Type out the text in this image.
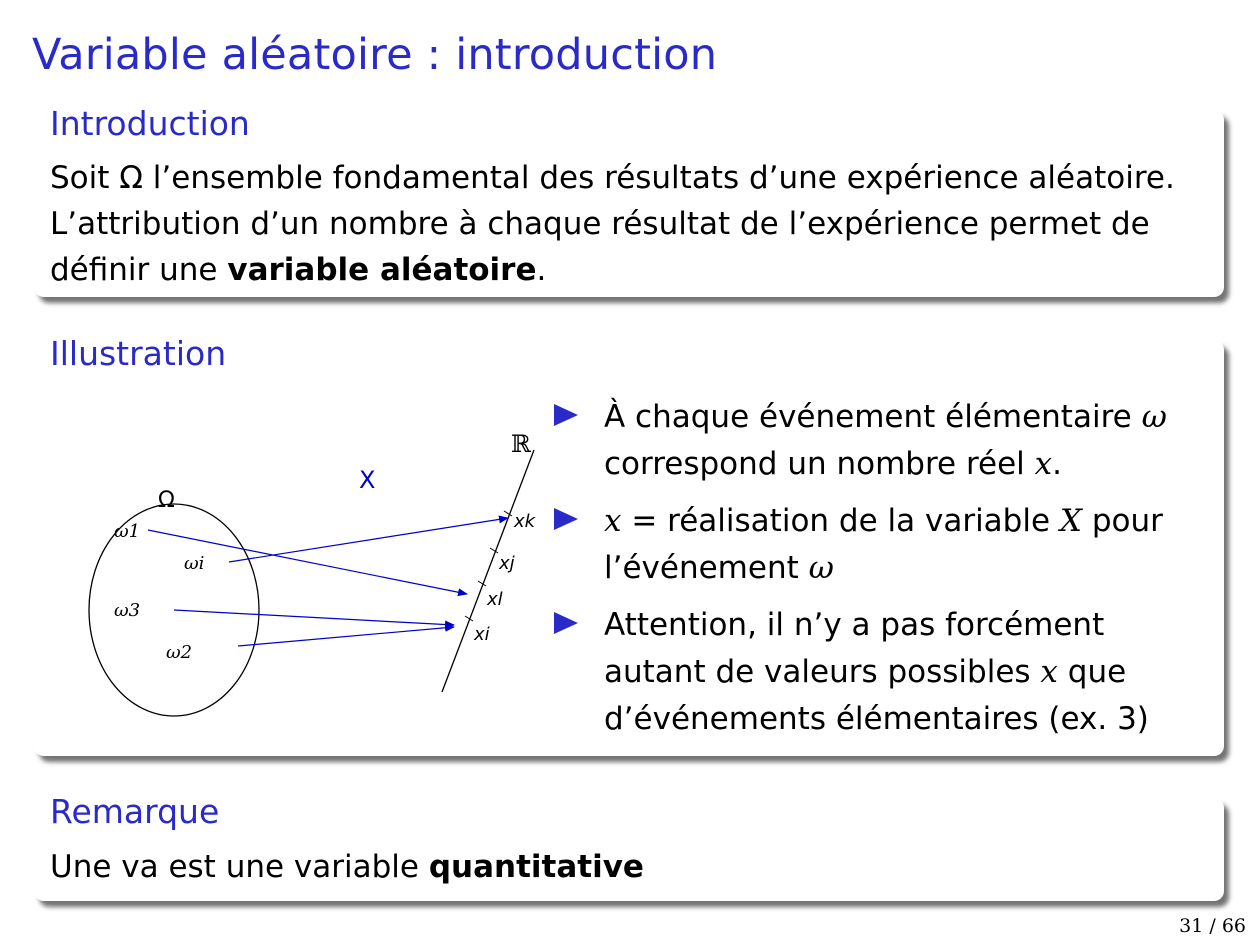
Variable aléatoire : introduction
Introduction
Soit Ω l’ensemble fondamental des résultats d’une expérience aléatoire. L’attribution d’un nombre à chaque résultat de l’expérience permet de définir une variable aléatoire.
Illustration
Ω
X
ℝ
ω1
ωi
ω3
ω2
xk
xj
xl
xi
À chaque événement élémentaire ω correspond un nombre réel x.
x = réalisation de la variable X pour l’événement ω
Attention, il n’y a pas forcément autant de valeurs possibles x que d’événements élémentaires (ex. 3)
Remarque
Une va est une variable quantitative
31 / 66
